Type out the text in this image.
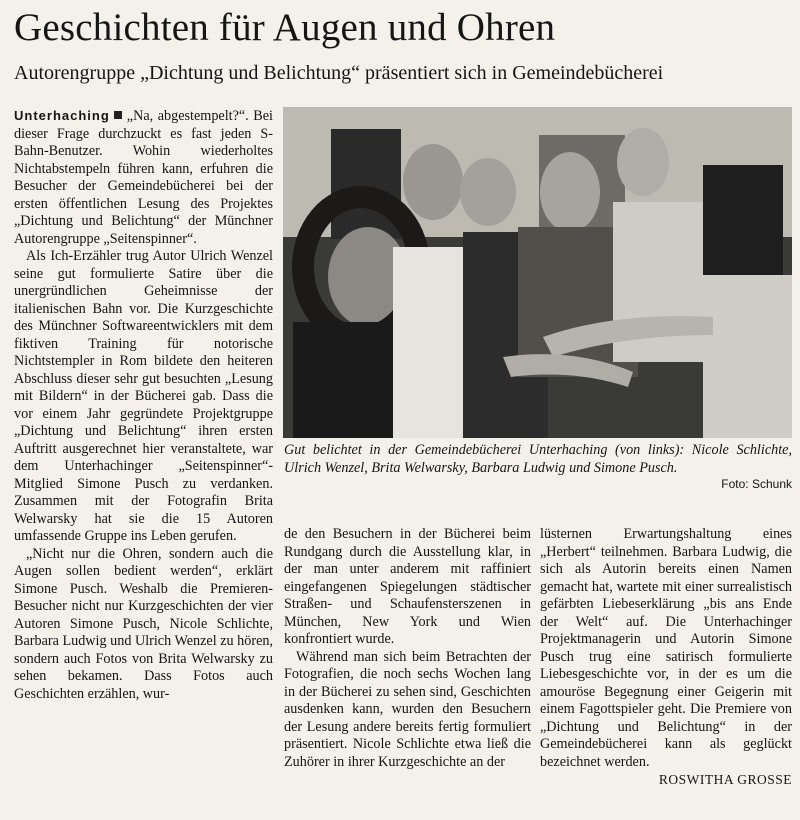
Geschichten für Augen und Ohren
Autorengruppe „Dichtung und Belichtung“ präsentiert sich in Gemeindebücherei

Unterhaching „Na, abgestempelt?“. Bei dieser Frage durchzuckt es fast jeden S-Bahn-Benutzer. Wohin wiederholtes Nichtabstempeln führen kann, erfuhren die Besucher der Gemeindebücherei bei der ersten öffentlichen Lesung des Projektes „Dichtung und Belichtung“ der Münchner Autorengruppe „Seitenspinner“.

Als Ich-Erzähler trug Autor Ulrich Wenzel seine gut formulierte Satire über die unergründlichen Geheimnisse der italienischen Bahn vor. Die Kurzgeschichte des Münchner Softwareentwicklers mit dem fiktiven Training für notorische Nichtstempler in Rom bildete den heiteren Abschluss dieser sehr gut besuchten „Lesung mit Bildern“ in der Bücherei gab. Dass die vor einem Jahr gegründete Projektgruppe „Dichtung und Belichtung“ ihren ersten Auftritt ausgerechnet hier veranstaltete, war dem Unterhachinger „Seitenspinner“-Mitglied Simone Pusch zu verdanken. Zusammen mit der Fotografin Brita Welwarsky hat sie die 15 Autoren umfassende Gruppe ins Leben gerufen.

„Nicht nur die Ohren, sondern auch die Augen sollen bedient werden“, erklärt Simone Pusch. Weshalb die Premieren-Besucher nicht nur Kurzgeschichten der vier Autoren Simone Pusch, Nicole Schlichte, Barbara Ludwig und Ulrich Wenzel zu hören, sondern auch Fotos von Brita Welwarsky zu sehen bekamen. Dass Fotos auch Geschichten erzählen, wur-

Gut belichtet in der Gemeindebücherei Unterhaching (von links): Nicole Schlichte, Ulrich Wenzel, Brita Welwarsky, Barbara Ludwig und Simone Pusch.
Foto: Schunk

de den Besuchern in der Bücherei beim Rundgang durch die Ausstellung klar, in der man unter anderem mit raffiniert eingefangenen Spiegelungen städtischer Straßen- und Schaufensterszenen in München, New York und Wien konfrontiert wurde.

Während man sich beim Betrachten der Fotografien, die noch sechs Wochen lang in der Bücherei zu sehen sind, Geschichten ausdenken kann, wurden den Besuchern der Lesung andere bereits fertig formuliert präsentiert. Nicole Schlichte etwa ließ die Zuhörer in ihrer Kurzgeschichte an der

lüsternen Erwartungshaltung eines „Herbert“ teilnehmen. Barbara Ludwig, die sich als Autorin bereits einen Namen gemacht hat, wartete mit einer surrealistisch gefärbten Liebeserklärung „bis ans Ende der Welt“ auf. Die Unterhachinger Projektmanagerin und Autorin Simone Pusch trug eine satirisch formulierte Liebesgeschichte vor, in der es um die amouröse Begegnung einer Geigerin mit einem Fagottspieler geht. Die Premiere von „Dichtung und Belichtung“ in der Gemeindebücherei kann als geglückt bezeichnet werden.

ROSWITHA GROSSE
